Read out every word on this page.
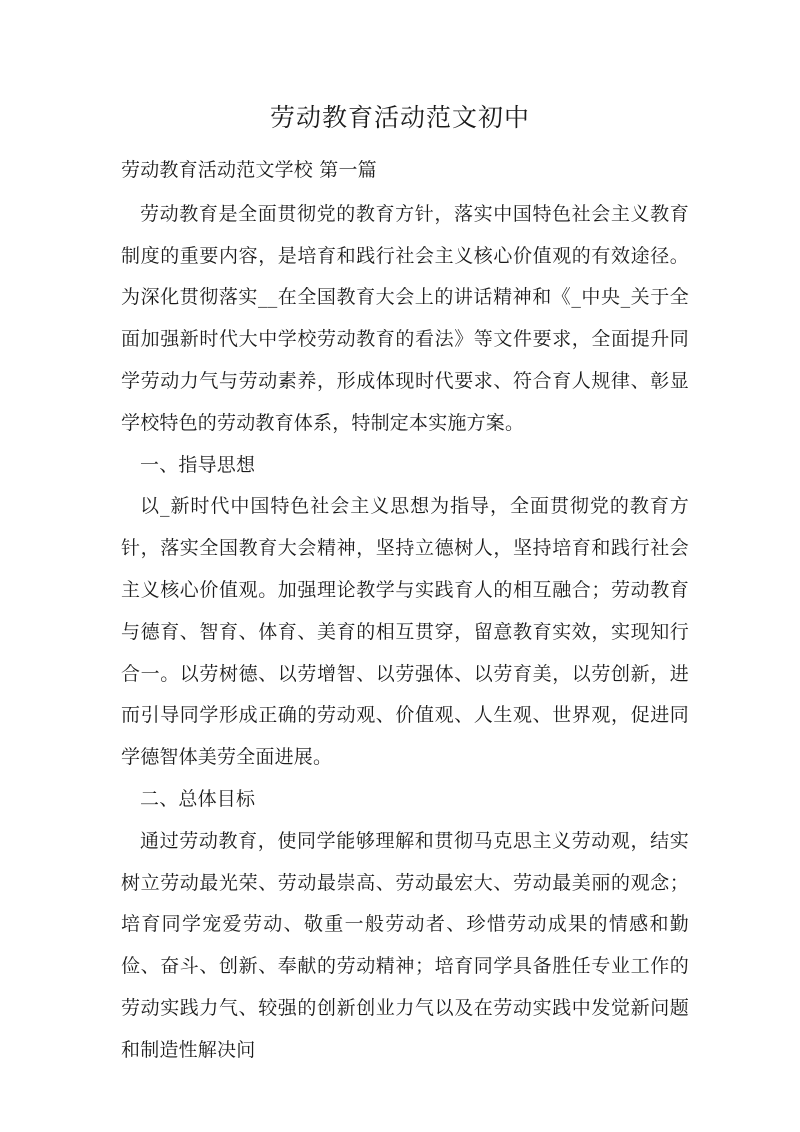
劳动教育活动范文初中

劳动教育活动范文学校 第一篇

劳动教育是全面贯彻党的教育方针，落实中国特色社会主义教育制度的重要内容，是培育和践行社会主义核心价值观的有效途径。为深化贯彻落实__在全国教育大会上的讲话精神和《_中央_关于全面加强新时代大中学校劳动教育的看法》等文件要求，全面提升同学劳动力气与劳动素养，形成体现时代要求、符合育人规律、彰显学校特色的劳动教育体系，特制定本实施方案。

一、指导思想

以_新时代中国特色社会主义思想为指导，全面贯彻党的教育方针，落实全国教育大会精神，坚持立德树人，坚持培育和践行社会主义核心价值观。加强理论教学与实践育人的相互融合；劳动教育与德育、智育、体育、美育的相互贯穿，留意教育实效，实现知行合一。以劳树德、以劳增智、以劳强体、以劳育美，以劳创新，进而引导同学形成正确的劳动观、价值观、人生观、世界观，促进同学德智体美劳全面进展。

二、总体目标

通过劳动教育，使同学能够理解和贯彻马克思主义劳动观，结实树立劳动最光荣、劳动最崇高、劳动最宏大、劳动最美丽的观念；培育同学宠爱劳动、敬重一般劳动者、珍惜劳动成果的情感和勤俭、奋斗、创新、奉献的劳动精神；培育同学具备胜任专业工作的劳动实践力气、较强的创新创业力气以及在劳动实践中发觉新问题和制造性解决问
